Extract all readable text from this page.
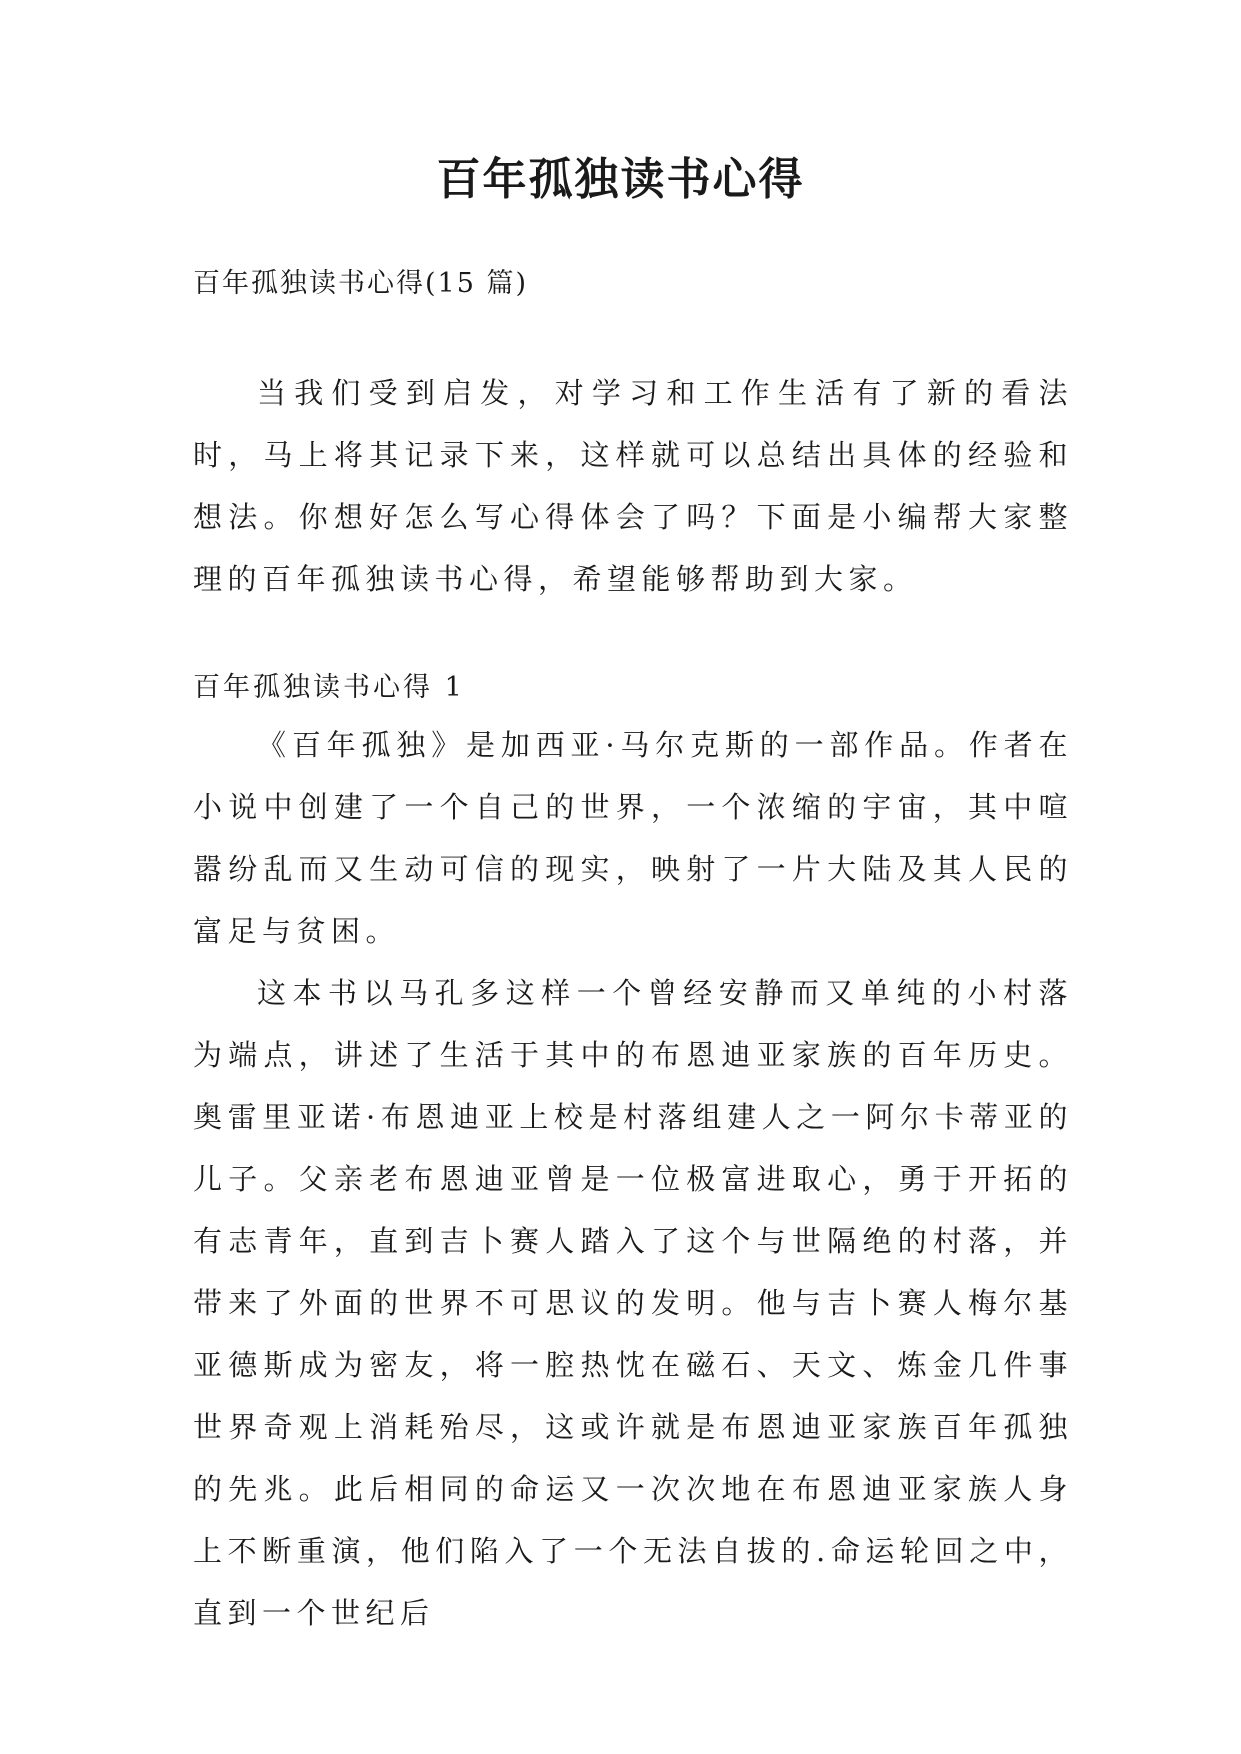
百年孤独读书心得

百年孤独读书心得(15 篇)

当我们受到启发，对学习和工作生活有了新的看法时，马上将其记录下来，这样就可以总结出具体的经验和想法。你想好怎么写心得体会了吗？下面是小编帮大家整理的百年孤独读书心得，希望能够帮助到大家。

百年孤独读书心得 1

《百年孤独》是加西亚·马尔克斯的一部作品。作者在小说中创建了一个自己的世界，一个浓缩的宇宙，其中喧嚣纷乱而又生动可信的现实，映射了一片大陆及其人民的富足与贫困。

这本书以马孔多这样一个曾经安静而又单纯的小村落为端点，讲述了生活于其中的布恩迪亚家族的百年历史。奥雷里亚诺·布恩迪亚上校是村落组建人之一阿尔卡蒂亚的儿子。父亲老布恩迪亚曾是一位极富进取心，勇于开拓的有志青年，直到吉卜赛人踏入了这个与世隔绝的村落，并带来了外面的世界不可思议的发明。他与吉卜赛人梅尔基亚德斯成为密友，将一腔热忱在磁石、天文、炼金几件事世界奇观上消耗殆尽，这或许就是布恩迪亚家族百年孤独的先兆。此后相同的命运又一次次地在布恩迪亚家族人身上不断重演，他们陷入了一个无法自拔的.命运轮回之中，直到一个世纪后
